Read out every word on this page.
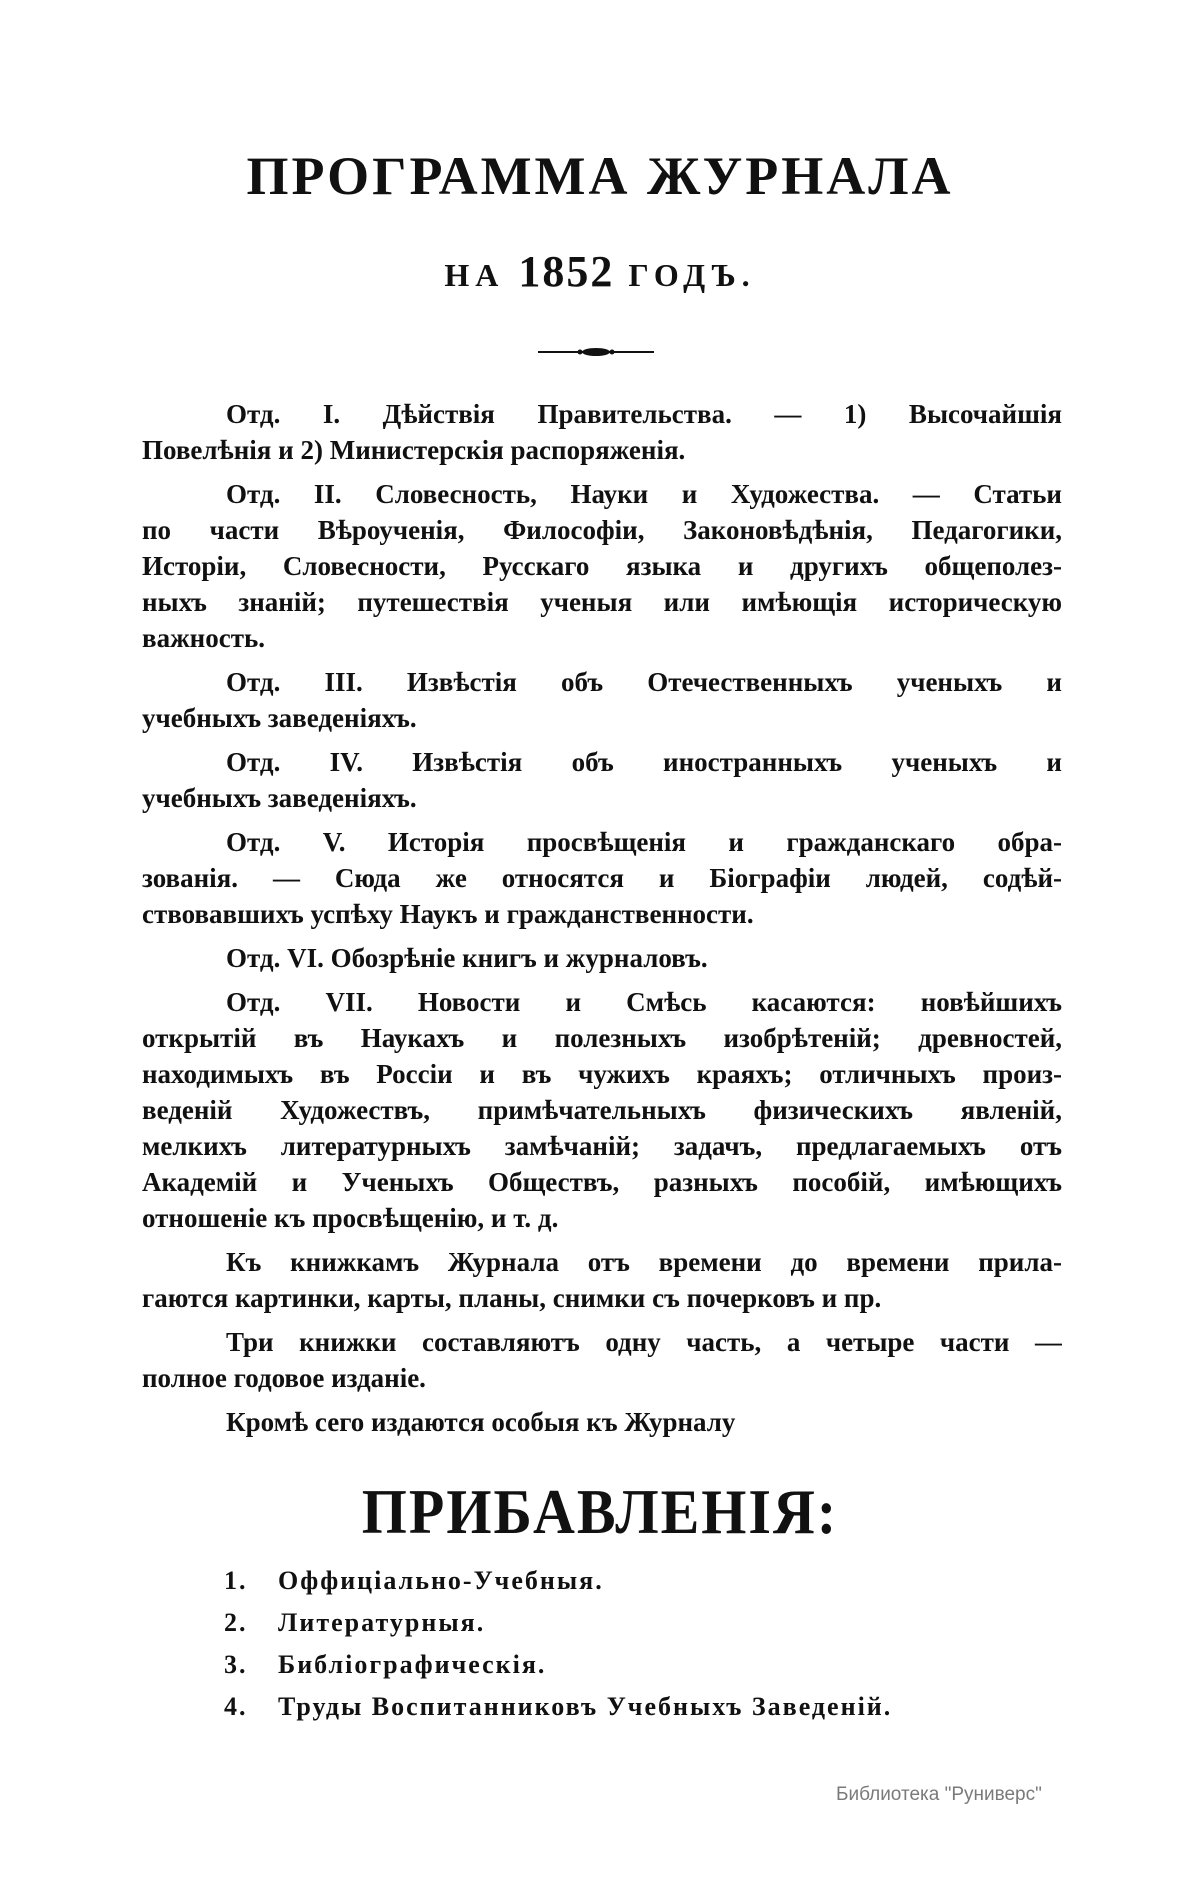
ПРОГРАММА ЖУРНАЛА
НА 1852 ГОДЪ.
Отд. I. Дѣйствія Правительства. — 1) Высочайшія
Повелѣнія и 2) Министерскія распоряженія.
Отд. II. Словесность, Науки и Художества. — Статьи
по части Вѣроученія, Философіи, Законовѣдѣнія, Педагогики,
Исторіи, Словесности, Русскаго языка и другихъ общеполез-
ныхъ знаній; путешествія ученыя или имѣющія историческую
важность.
Отд. III. Извѣстія объ Отечественныхъ ученыхъ и
учебныхъ заведеніяхъ.
Отд. IV. Извѣстія объ иностранныхъ ученыхъ и
учебныхъ заведеніяхъ.
Отд. V. Исторія просвѣщенія и гражданскаго обра-
зованія. — Сюда же относятся и Біографіи людей, содѣй-
ствовавшихъ успѣху Наукъ и гражданственности.
Отд. VI. Обозрѣніе книгъ и журналовъ.
Отд. VII. Новости и Смѣсь касаются: новѣйшихъ
открытій въ Наукахъ и полезныхъ изобрѣтеній; древностей,
находимыхъ въ Россіи и въ чужихъ краяхъ; отличныхъ произ-
веденій Художествъ, примѣчательныхъ физическихъ явленій,
мелкихъ литературныхъ замѣчаній; задачъ, предлагаемыхъ отъ
Академій и Ученыхъ Обществъ, разныхъ пособій, имѣющихъ
отношеніе къ просвѣщенію, и т. д.
Къ книжкамъ Журнала отъ времени до времени прила-
гаются картинки, карты, планы, снимки съ почерковъ и пр.
Три книжки составляютъ одну часть, а четыре части —
полное годовое изданіе.
Кромѣ сего издаются особыя къ Журналу
ПРИБАВЛЕНІЯ:
1. Оффиціально-Учебныя.
2. Литературныя.
3. Библіографическія.
4. Труды Воспитанниковъ Учебныхъ Заведеній.
Библиотека "Руниверс"
